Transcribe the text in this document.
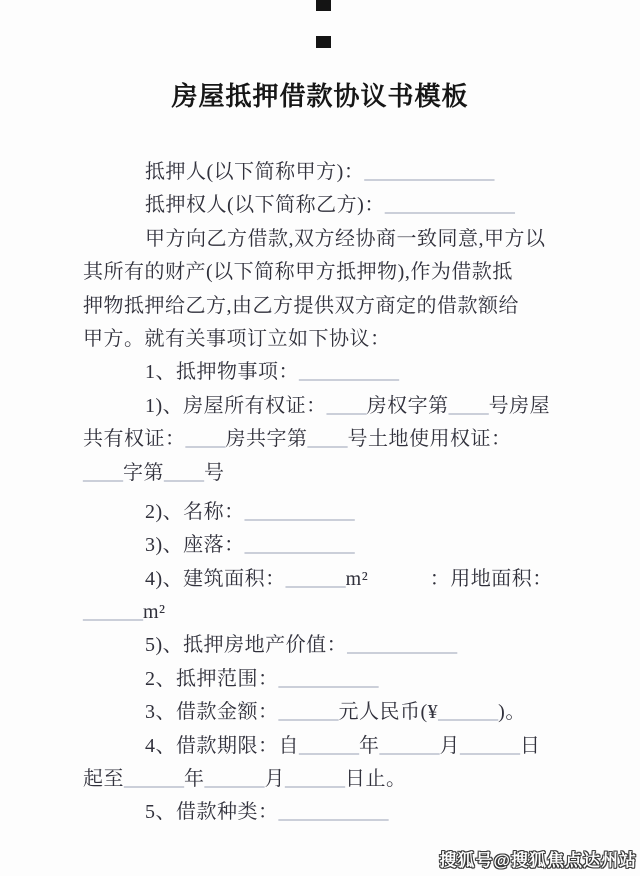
房屋抵押借款协议书模板
抵押人(以下简称甲方)：_____________
抵押权人(以下简称乙方)：_____________
甲方向乙方借款,双方经协商一致同意,甲方以
其所有的财产(以下简称甲方抵押物),作为借款抵
押物抵押给乙方,由乙方提供双方商定的借款额给
甲方。就有关事项订立如下协议：
1、抵押物事项：__________
1)、房屋所有权证：____房权字第____号房屋
共有权证：____房共字第____号土地使用权证：
____字第____号
2)、名称：___________
3)、座落：___________
4)、建筑面积：______m²　　　：用地面积：
______m²
5)、抵押房地产价值：___________
2、抵押范围：__________
3、借款金额：______元人民币(¥______)。
4、借款期限：自______年______月______日
起至______年______月______日止。
5、借款种类：___________
搜狐号@搜狐焦点达州站
